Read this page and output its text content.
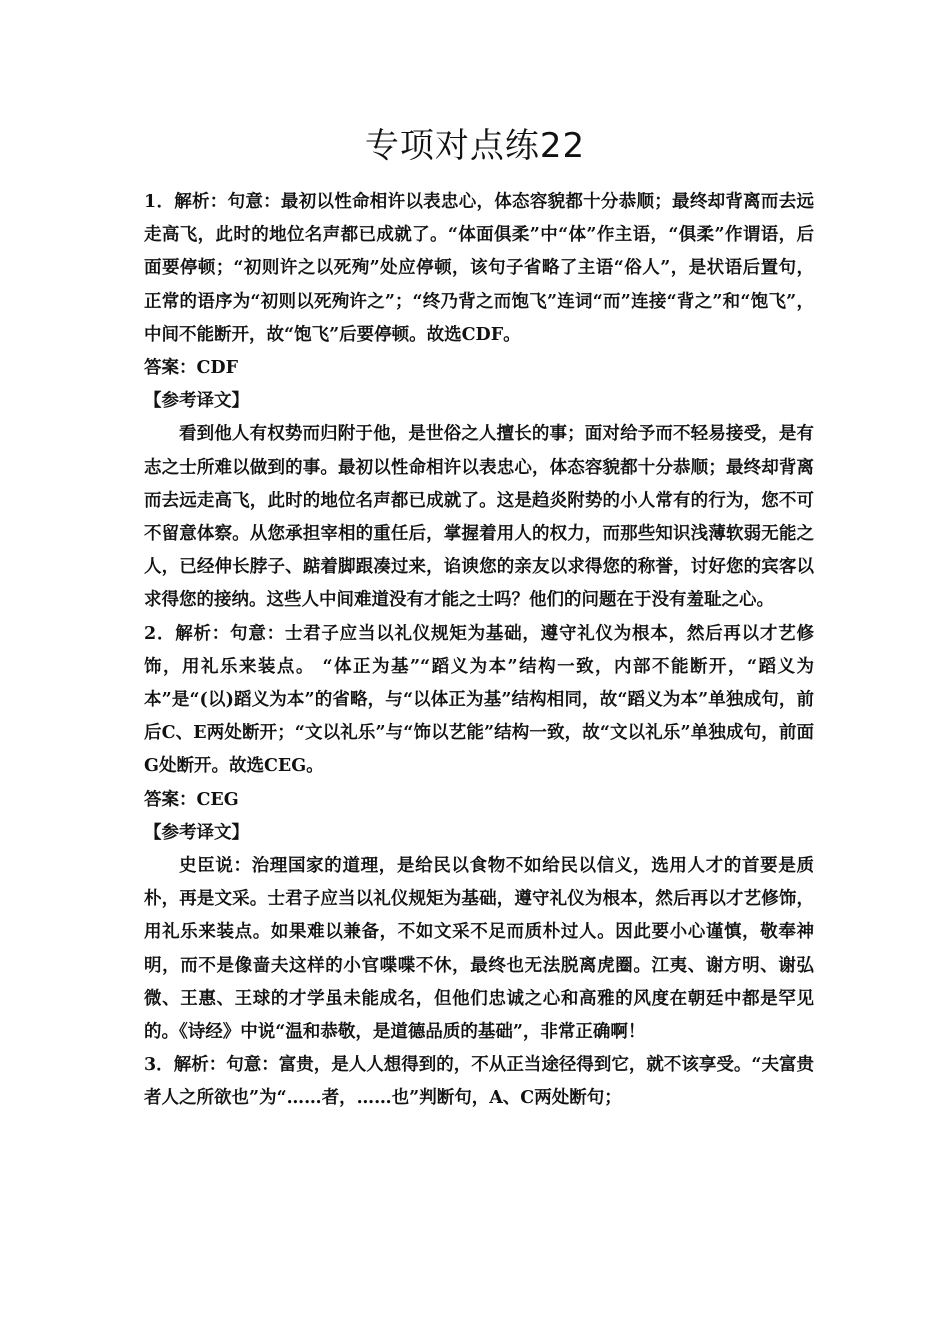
专项对点练22

1．解析：句意：最初以性命相许以表忠心，体态容貌都十分恭顺；最终却背离而去远走高飞，此时的地位名声都已成就了。“体面俱柔”中“体”作主语，“俱柔”作谓语，后面要停顿；“初则许之以死殉”处应停顿，该句子省略了主语“俗人”，是状语后置句，正常的语序为“初则以死殉许之”；“终乃背之而饱飞”连词“而”连接“背之”和“饱飞”，中间不能断开，故“饱飞”后要停顿。故选CDF。

答案：CDF

【参考译文】

看到他人有权势而归附于他，是世俗之人擅长的事；面对给予而不轻易接受，是有志之士所难以做到的事。最初以性命相许以表忠心，体态容貌都十分恭顺；最终却背离而去远走高飞，此时的地位名声都已成就了。这是趋炎附势的小人常有的行为，您不可不留意体察。从您承担宰相的重任后，掌握着用人的权力，而那些知识浅薄软弱无能之人，已经伸长脖子、踮着脚跟凑过来，谄谀您的亲友以求得您的称誉，讨好您的宾客以求得您的接纳。这些人中间难道没有才能之士吗？他们的问题在于没有羞耻之心。

2．解析：句意：士君子应当以礼仪规矩为基础，遵守礼仪为根本，然后再以才艺修饰，用礼乐来装点。 “体正为基”“蹈义为本”结构一致，内部不能断开，“蹈义为本”是“(以)蹈义为本”的省略，与“以体正为基”结构相同，故“蹈义为本”单独成句，前后C、E两处断开；“文以礼乐”与“饰以艺能”结构一致，故“文以礼乐”单独成句，前面G处断开。故选CEG。

答案：CEG

【参考译文】

史臣说：治理国家的道理，是给民以食物不如给民以信义，选用人才的首要是质朴，再是文采。士君子应当以礼仪规矩为基础，遵守礼仪为根本，然后再以才艺修饰，用礼乐来装点。如果难以兼备，不如文采不足而质朴过人。因此要小心谨慎，敬奉神明，而不是像啬夫这样的小官喋喋不休，最终也无法脱离虎圈。江夷、谢方明、谢弘微、王惠、王球的才学虽未能成名，但他们忠诚之心和高雅的风度在朝廷中都是罕见的。《诗经》中说“温和恭敬，是道德品质的基础”，非常正确啊！

3．解析：句意：富贵，是人人想得到的，不从正当途径得到它，就不该享受。“夫富贵者人之所欲也”为“……者，……也”判断句，A、C两处断句；
